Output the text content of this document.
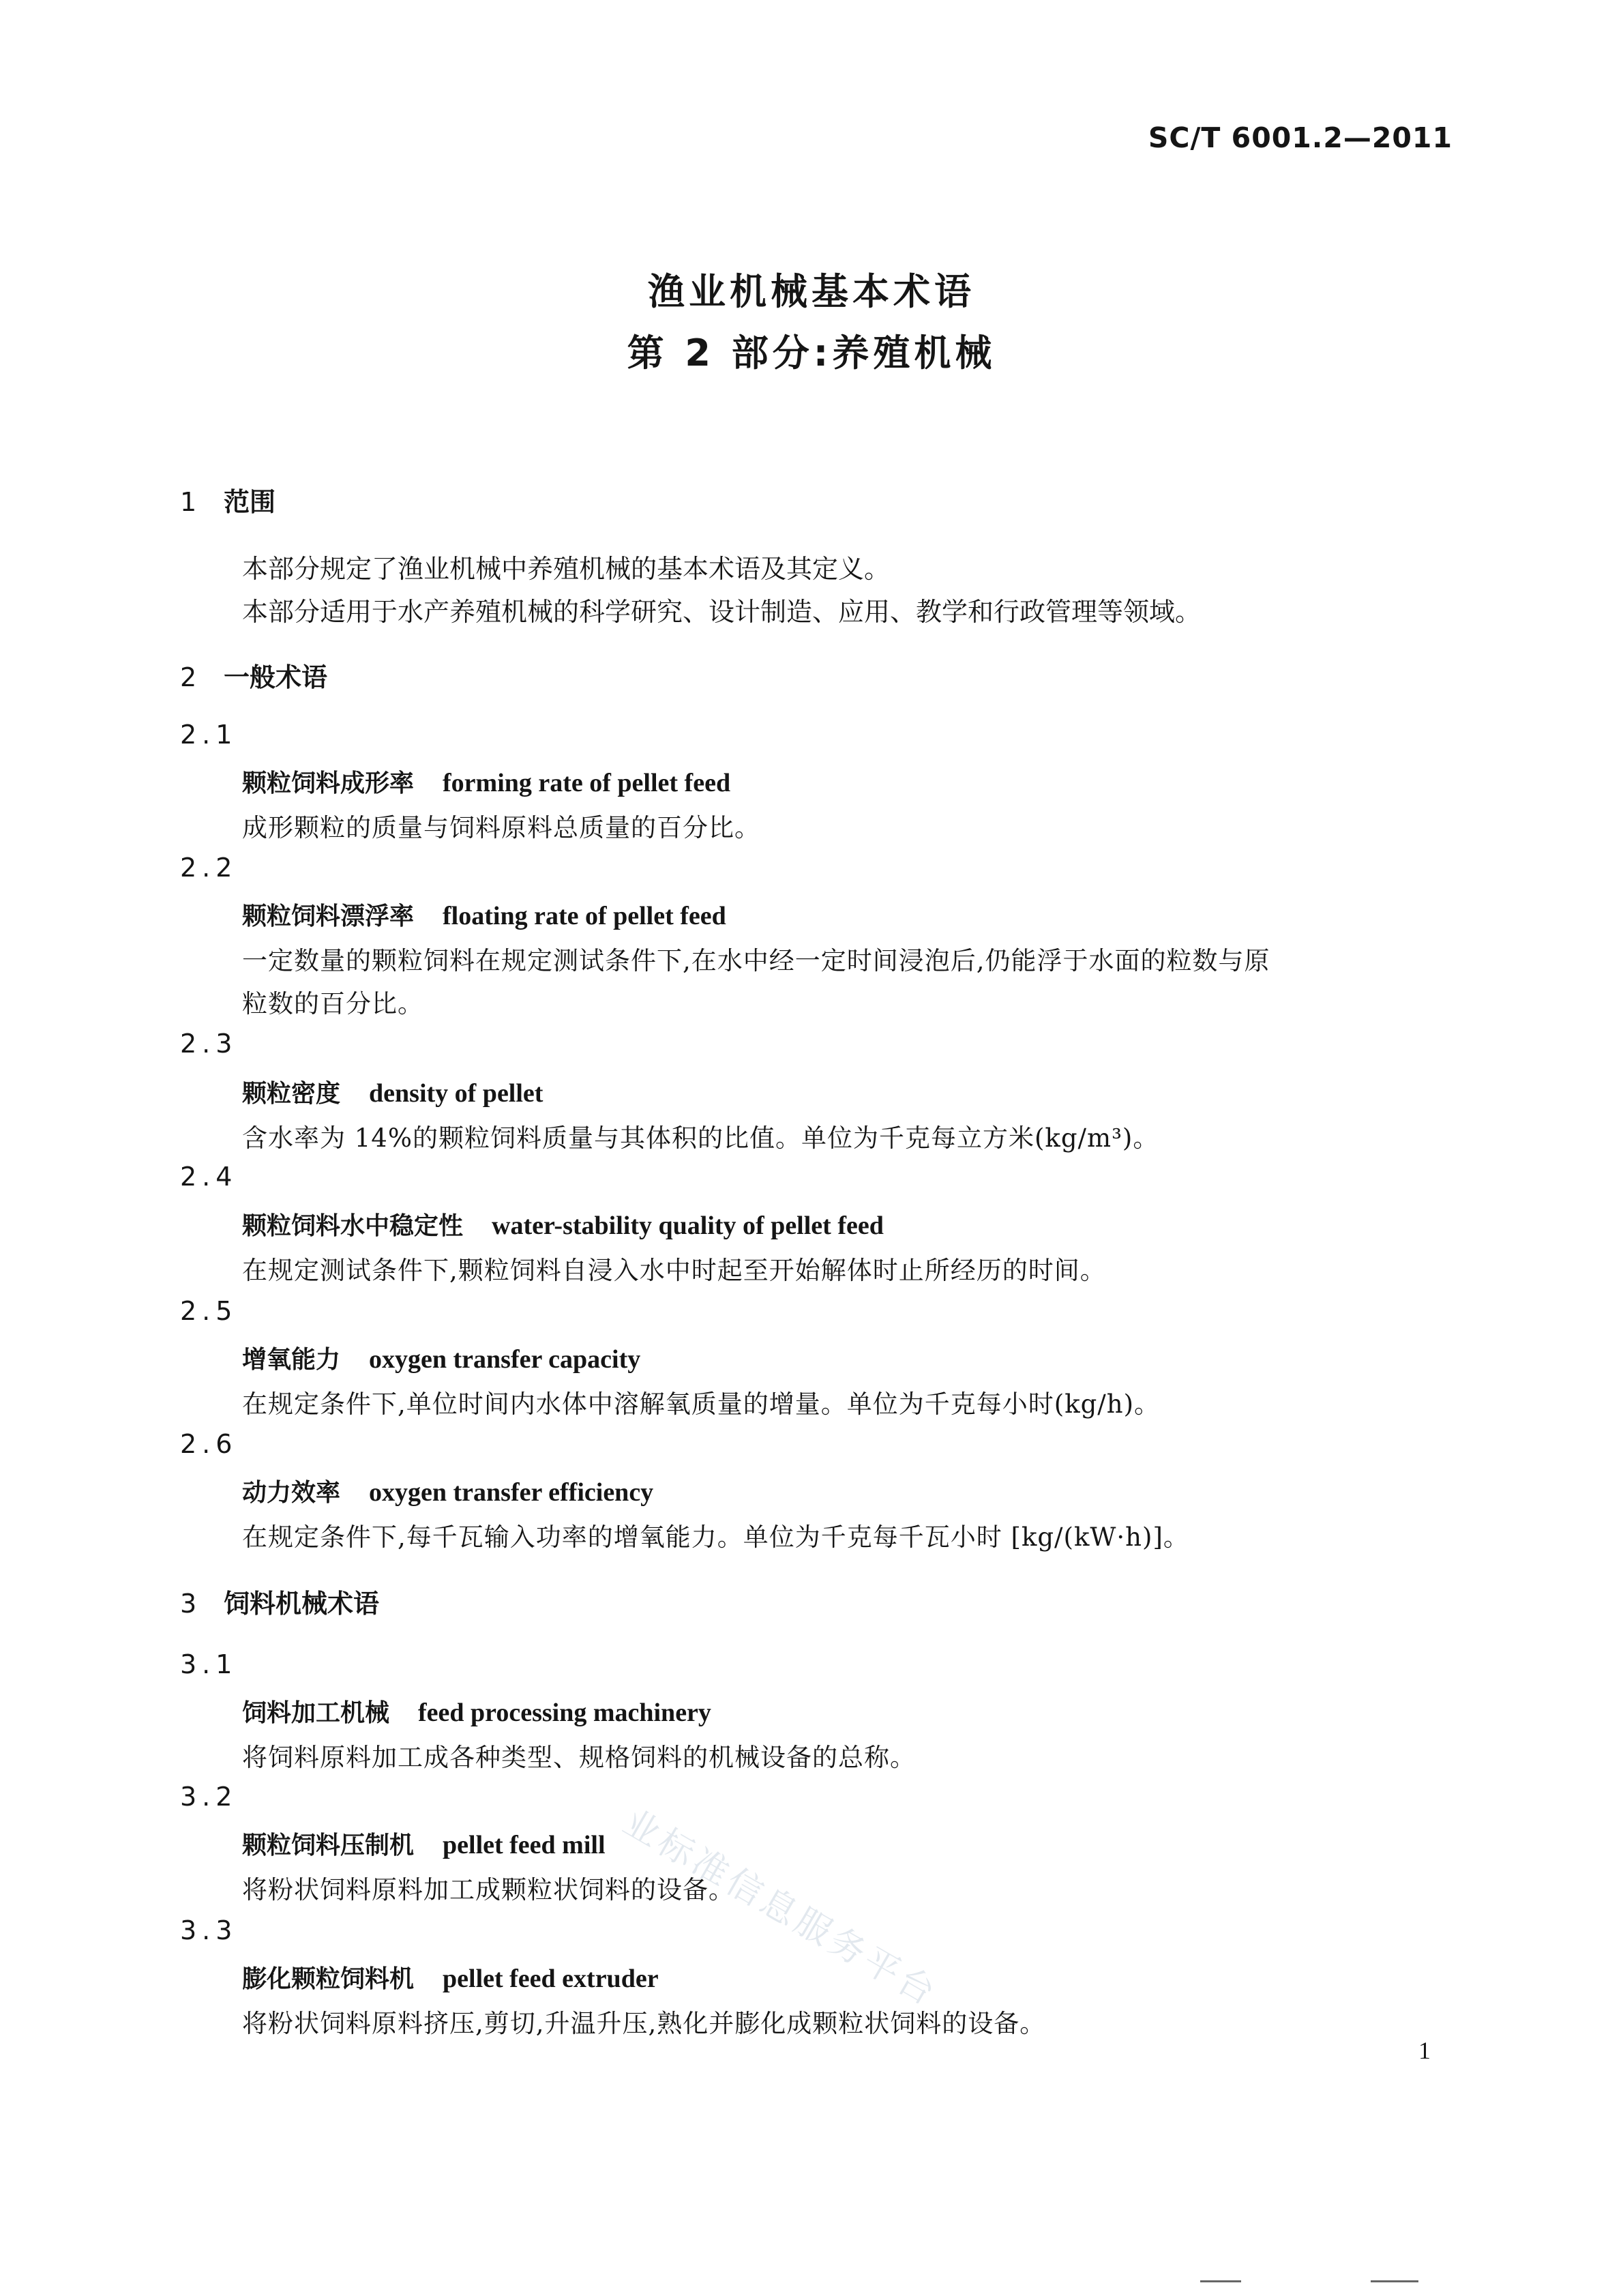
SC/T 6001.2—2011
渔业机械基本术语
第 2 部分:养殖机械
1 范围
本部分规定了渔业机械中养殖机械的基本术语及其定义。
本部分适用于水产养殖机械的科学研究、设计制造、应用、教学和行政管理等领域。
2 一般术语
2.1
颗粒饲料成形率 forming rate of pellet feed
成形颗粒的质量与饲料原料总质量的百分比。
2.2
颗粒饲料漂浮率 floating rate of pellet feed
一定数量的颗粒饲料在规定测试条件下,在水中经一定时间浸泡后,仍能浮于水面的粒数与原
粒数的百分比。
2.3
颗粒密度 density of pellet
含水率为 14%的颗粒饲料质量与其体积的比值。单位为千克每立方米(kg/m³)。
2.4
颗粒饲料水中稳定性 water-stability quality of pellet feed
在规定测试条件下,颗粒饲料自浸入水中时起至开始解体时止所经历的时间。
2.5
增氧能力 oxygen transfer capacity
在规定条件下,单位时间内水体中溶解氧质量的增量。单位为千克每小时(kg/h)。
2.6
动力效率 oxygen transfer efficiency
在规定条件下,每千瓦输入功率的增氧能力。单位为千克每千瓦小时 [kg/(kW·h)]。
3 饲料机械术语
3.1
饲料加工机械 feed processing machinery
将饲料原料加工成各种类型、规格饲料的机械设备的总称。
3.2
颗粒饲料压制机 pellet feed mill
将粉状饲料原料加工成颗粒状饲料的设备。
3.3
膨化颗粒饲料机 pellet feed extruder
将粉状饲料原料挤压,剪切,升温升压,熟化并膨化成颗粒状饲料的设备。
业标准信息服务平台
1
